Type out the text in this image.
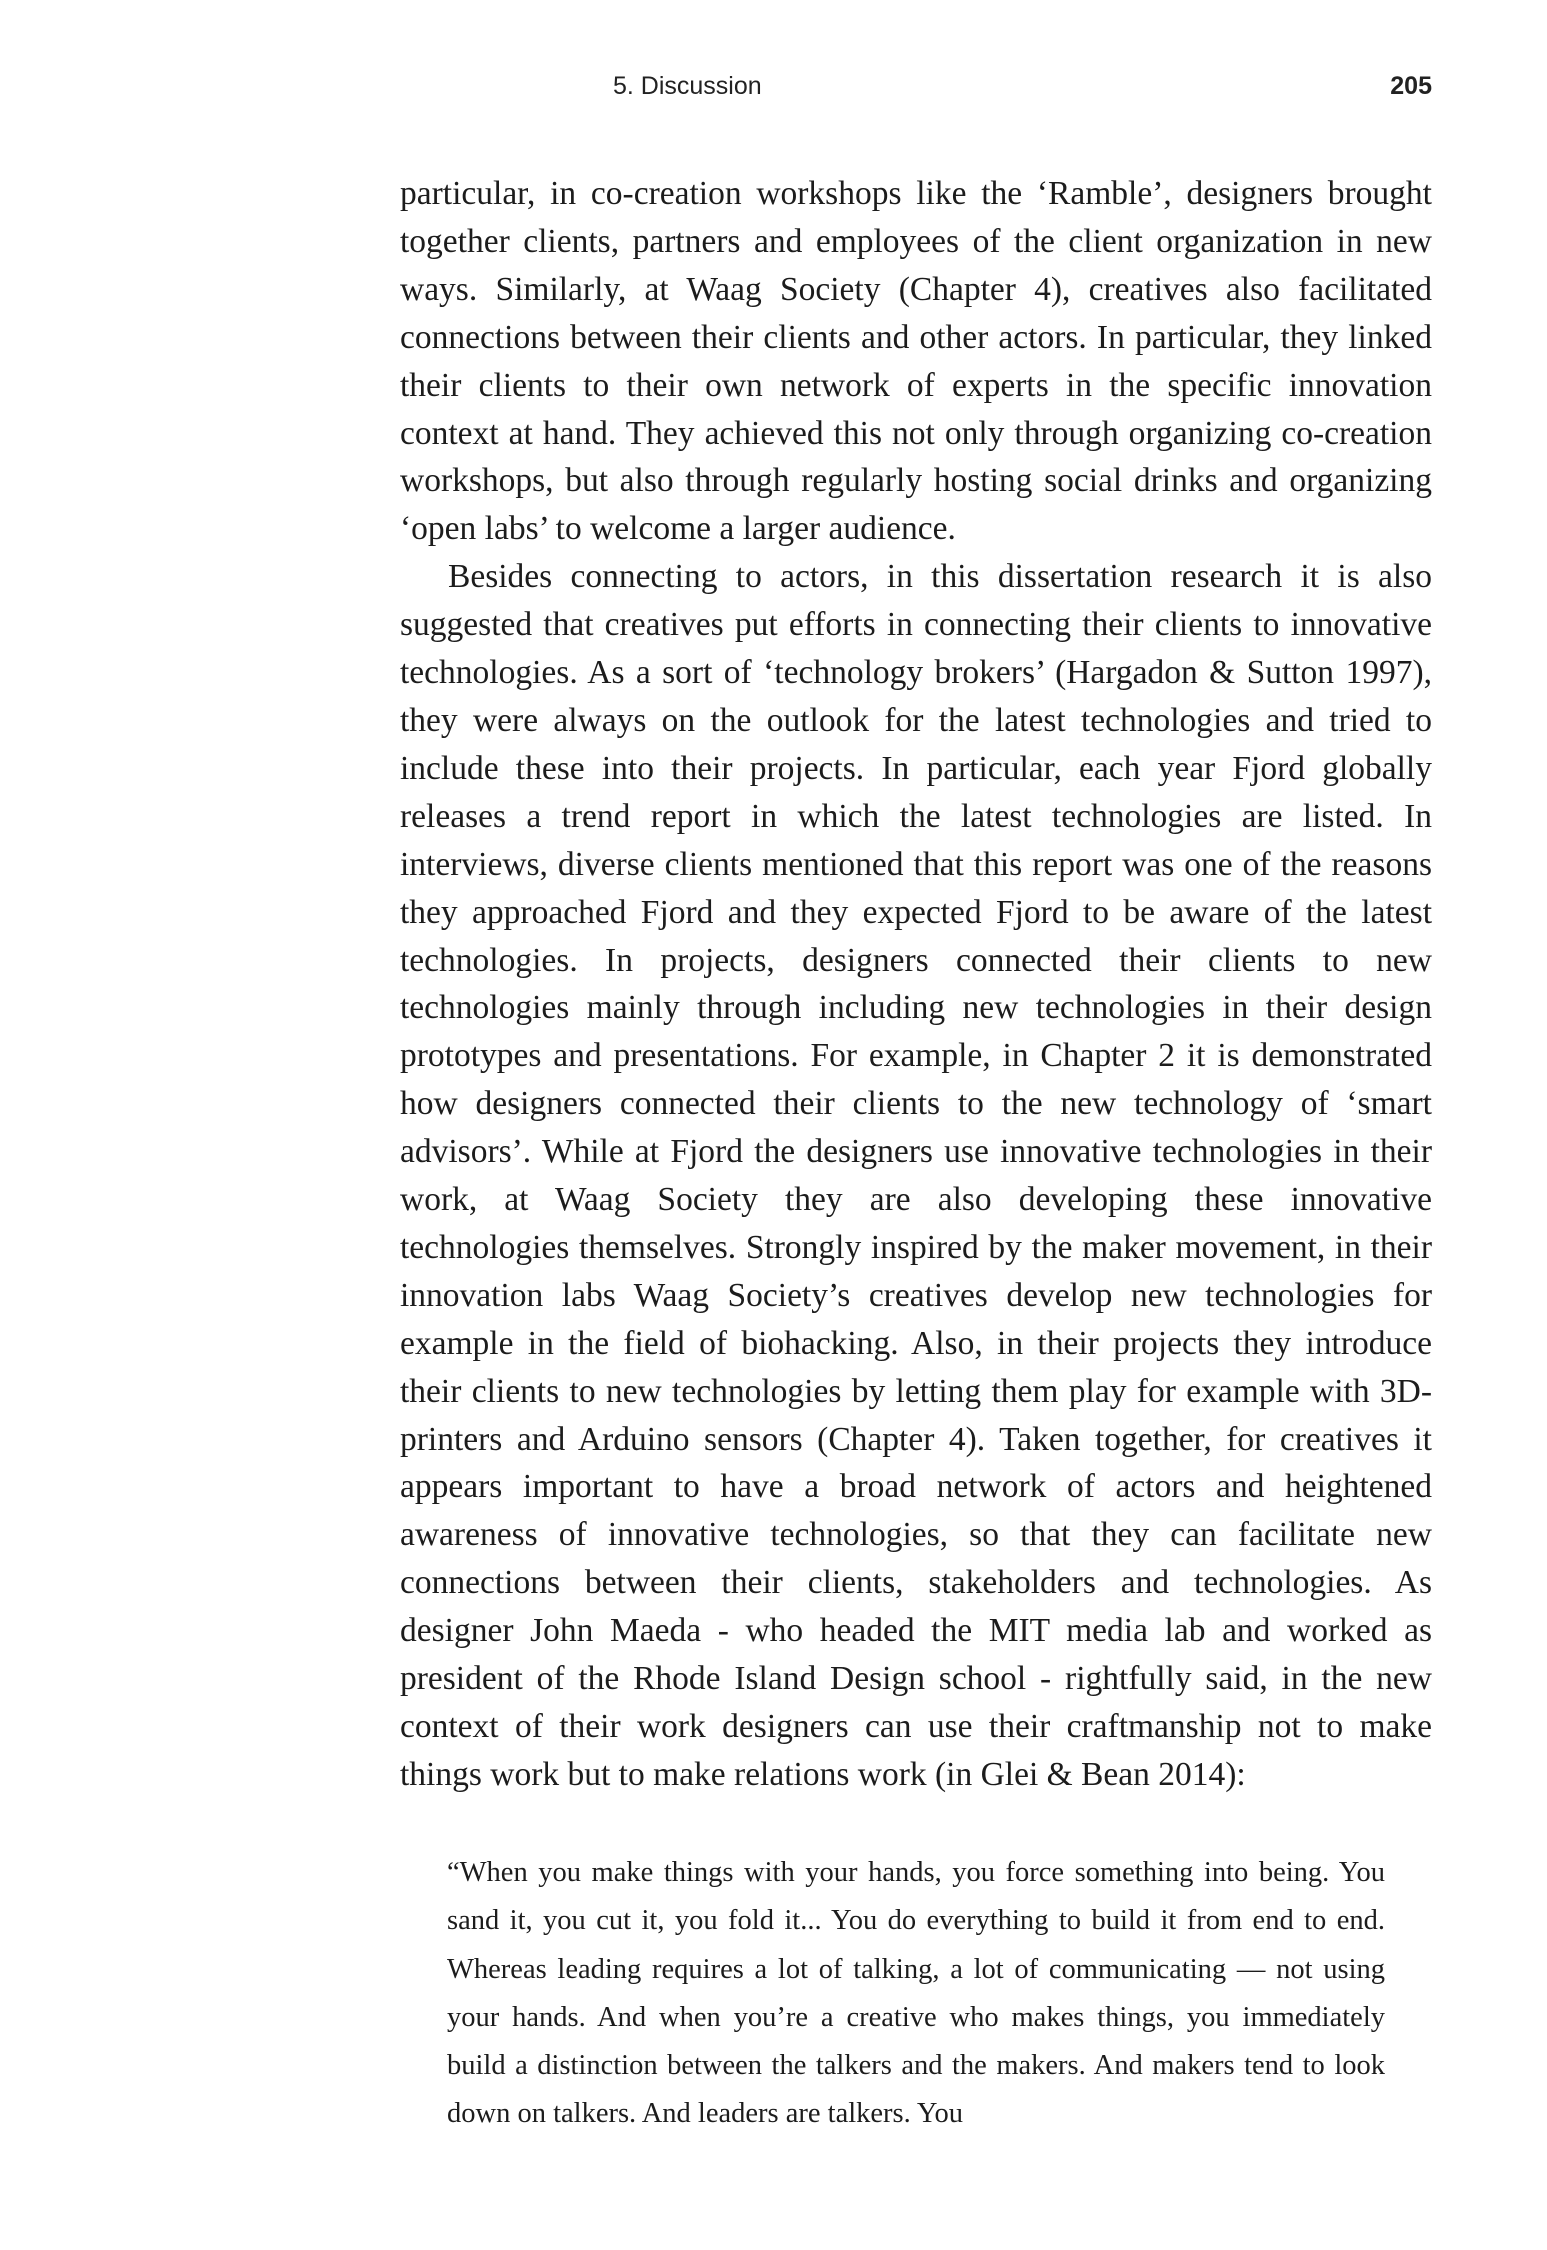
5. Discussion	205

particular, in co-creation workshops like the ‘Ramble’, designers brought together clients, partners and employees of the client organization in new ways. Similarly, at Waag Society (Chapter 4), creatives also facilitated connections between their clients and other actors. In particular, they linked their clients to their own network of experts in the specific innovation context at hand. They achieved this not only through organizing co-creation workshops, but also through regularly hosting social drinks and organizing ‘open labs’ to welcome a larger audience.

Besides connecting to actors, in this dissertation research it is also suggested that creatives put efforts in connecting their clients to innovative technologies. As a sort of ‘technology brokers’ (Hargadon & Sutton 1997), they were always on the outlook for the latest technologies and tried to include these into their projects. In particular, each year Fjord globally releases a trend report in which the latest technologies are listed. In interviews, diverse clients mentioned that this report was one of the reasons they approached Fjord and they expected Fjord to be aware of the latest technologies. In projects, designers connected their clients to new technologies mainly through including new technologies in their design prototypes and presentations. For example, in Chapter 2 it is demonstrated how designers connected their clients to the new technology of ‘smart advisors’. While at Fjord the designers use innovative technologies in their work, at Waag Society they are also developing these innovative technologies themselves. Strongly inspired by the maker movement, in their innovation labs Waag Society’s creatives develop new technologies for example in the field of biohacking. Also, in their projects they introduce their clients to new technologies by letting them play for example with 3D-printers and Arduino sensors (Chapter 4). Taken together, for creatives it appears important to have a broad network of actors and heightened awareness of innovative technologies, so that they can facilitate new connections between their clients, stakeholders and technologies. As designer John Maeda - who headed the MIT media lab and worked as president of the Rhode Island Design school - rightfully said, in the new context of their work designers can use their craftmanship not to make things work but to make relations work (in Glei & Bean 2014):

“When you make things with your hands, you force something into being. You sand it, you cut it, you fold it... You do everything to build it from end to end. Whereas leading requires a lot of talking, a lot of communicating — not using your hands. And when you’re a creative who makes things, you immediately build a distinction between the talkers and the makers. And makers tend to look down on talkers. And leaders are talkers. You
